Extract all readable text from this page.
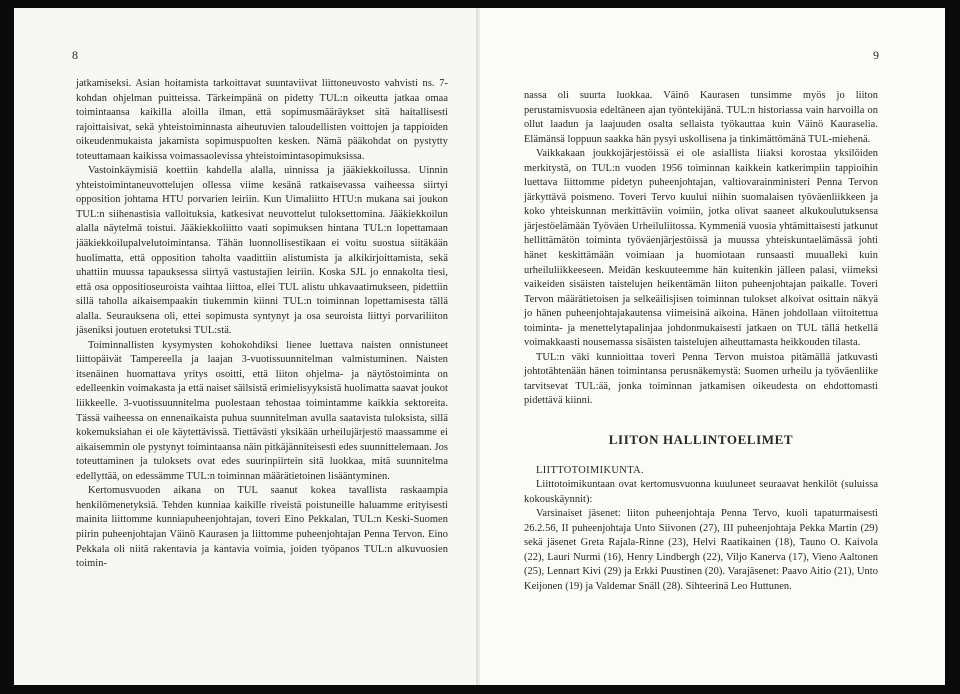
8

jatkamiseksi. Asian hoitamista tarkoittavat suuntaviivat liittoneuvosto vahvisti ns. 7-kohdan ohjelman puitteissa. Tärkeimpänä on pidetty TUL:n oikeutta jatkaa omaa toimintaansa kaikilla aloilla ilman, että sopimusmääräykset sitä haitallisesti rajoittaisivat, sekä yhteistoiminnasta aiheutuvien taloudellisten voittojen ja tappioiden oikeudenmukaista jakamista sopimuspuolten kesken. Nämä pääkohdat on pystytty toteuttamaan kaikissa voimassaolevissa yhteistoimintasopimuksissa.

Vastoinkäymisiä koettiin kahdella alalla, uinnissa ja jääkiekkoilussa. Uinnin yhteistoimintaneuvottelujen ollessa viime kesänä ratkaisevassa vaiheessa siirtyi opposition johtama HTU porvarien leiriin. Kun Uimaliitto HTU:n mukana sai joukon TUL:n siihenastisia valloituksia, katkesivat neuvottelut tuloksettomina. Jääkiekkoilun alalla näytelmä toistui. Jääkiekkoliitto vaati sopimuksen hintana TUL:n lopettamaan jääkiekkoilupalvelutoimintansa. Tähän luonnollisestikaan ei voitu suostua siitäkään huolimatta, että opposition taholta vaadittiin alistumista ja alkikirjoittamista, sekä uhattiin muussa tapauksessa siirtyä vastustajien leiriin. Koska SJL jo ennakolta tiesi, että osa oppositioseuroista vaihtaa liittoa, ellei TUL alistu uhkavaatimukseen, pidettiin sillä taholla aikaisempaakin tiukemmin kiinni TUL:n toiminnan lopettamisesta tällä alalla. Seurauksena oli, ettei sopimusta syntynyt ja osa seuroista liittyi porvariliiton jäseniksi joutuen erotetuksi TUL:stä.

Toiminnallisten kysymysten kohokohdiksi lienee luettava naisten onnistuneet liittopäivät Tampereella ja laajan 3-vuotissuunnitelman valmistuminen. Naisten itsenäinen huomattava yritys osoitti, että liiton ohjelma- ja näytöstoiminta on edelleenkin voimakasta ja että naiset säilsistä erimielisyyksistä huolimatta saavat joukot liikkeelle. 3-vuotissuunnitelma puolestaan tehostaa toimintamme kaikkia sektoreita. Tässä vaiheessa on ennenaikaista puhua suunnitelman avulla saatavista tuloksista, sillä kokemuksiahan ei ole käytettävissä. Tiettävästi yksikään urheilujärjestö maassamme ei aikaisemmin ole pystynyt toimintaansa näin pitkäjänniteisesti edes suunnittelemaan. Jos toteuttaminen ja tuloksets ovat edes suurinpiirtein sitä luokkaa, mitä suunnitelma edellyttää, on edessämme TUL:n toiminnan määrätietoinen lisääntyminen.

Kertomusvuoden aikana on TUL saanut kokea tavallista raskaampia henkilömenetyksiä. Tehden kunniaa kaikille riveistä poistuneille haluamme erityisesti mainita liittomme kunniapuheenjohtajan, toveri Eino Pekkalan, TUL:n Keski-Suomen piirin puheenjohtajan Väinö Kaurasen ja liittomme puheenjohtajan Penna Tervon. Eino Pekkala oli niitä rakentavia ja kantavia voimia, joiden työpanos TUL:n alkuvuosien toimin-

9

nassa oli suurta luokkaa. Väinö Kaurasen tunsimme myös jo liiton perustamisvuosia edeltäneen ajan työntekijänä. TUL:n historiassa vain harvoilla on ollut laadun ja laajuuden osalta sellaista työkauttaa kuin Väinö Kauraselia. Elämänsä loppuun saakka hän pysyi uskollisena ja tinkimättömänä TUL-miehenä.

Vaikkakaan joukkojärjestöissä ei ole asiallista liiaksi korostaa yksilöiden merkitystä, on TUL:n vuoden 1956 toiminnan kaikkein katkerimpiin tappioihin luettava liittomme pidetyn puheenjohtajan, valtiovarainministeri Penna Tervon järkyttävä poismeno. Toveri Tervo kuului niihin suomalaisen työväenliikkeen ja koko yhteiskunnan merkittäviin voimiin, jotka olivat saaneet alkukoulutuksensa järjestöelämään Työväen Urheiluliitossa. Kymmeniä vuosia yhtämittaisesti jatkunut hellittämätön toiminta työväenjärjestöissä ja muussa yhteiskuntaelämässä johti hänet keskittämään voimiaan ja huomiotaan runsaasti muualleki kuin urheiluliikkeeseen. Meidän keskuuteemme hän kuitenkin jälleen palasi, viimeksi vaikeiden sisäisten taistelujen heikentämän liiton puheenjohtajan paikalle. Toveri Tervon määrätietoisen ja selkeäilisjisen toiminnan tulokset alkoivat osittain näkyä jo hänen puheenjohtajakautensa viimeisinä aikoina. Hänen johdollaan viitoitettua toiminta- ja menettelytapalinjaa johdonmukaisesti jatkaen on TUL tällä hetkellä voimakkaasti nousemassa sisäisten taistelujen aiheuttamasta heikkouden tilasta.

TUL:n väki kunnioittaa toveri Penna Tervon muistoa pitämällä jatkuvasti johtotähtenään hänen toimintansa perusnäkemystä: Suomen urheilu ja työväenliike tarvitsevat TUL:ää, jonka toiminnan jatkamisen oikeudesta on ehdottomasti pidettävä kiinni.

LIITON HALLINTOELIMET

LIITTOTOIMIKUNTA.

Liittotoimikuntaan ovat kertomusvuonna kuuluneet seuraavat henkilöt (suluissa kokouskäynnit):

Varsinaiset jäsenet: liiton puheenjohtaja Penna Tervo, kuoli tapaturmaisesti 26.2.56, II puheenjohtaja Unto Siivonen (27), III puheenjohtaja Pekka Martin (29) sekä jäsenet Greta Rajala-Rinne (23), Helvi Raatikainen (18), Tauno O. Kaivola (22), Lauri Nurmi (16), Henry Lindbergh (22), Viljo Kanerva (17), Vieno Aaltonen (25), Lennart Kivi (29) ja Erkki Puustinen (20). Varajäsenet: Paavo Aitio (21), Unto Keijonen (19) ja Valdemar Snäll (28). Sihteerinä Leo Huttunen.
